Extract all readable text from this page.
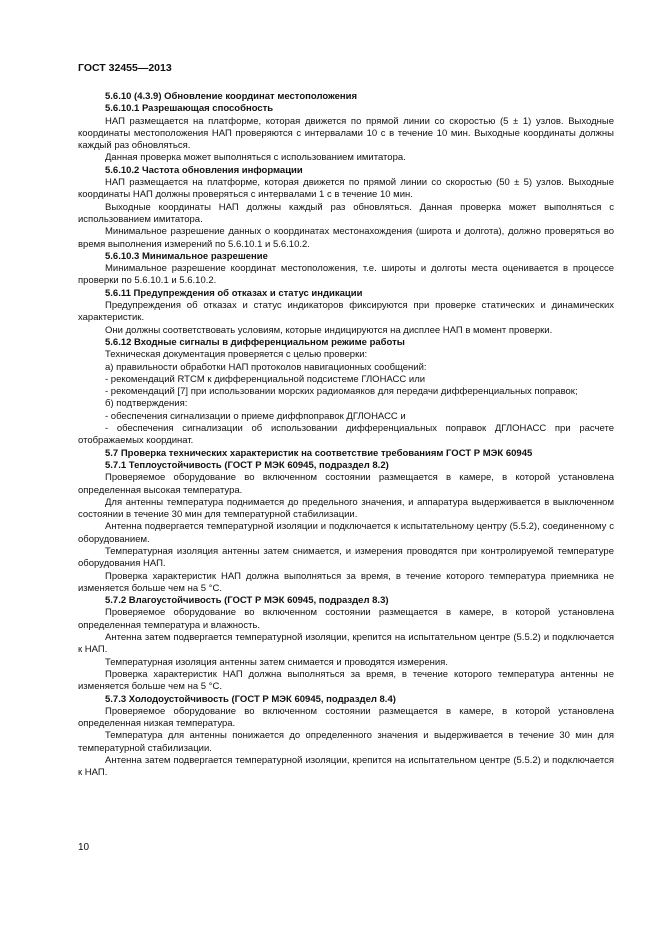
ГОСТ 32455—2013

5.6.10 (4.3.9) Обновление координат местоположения

5.6.10.1 Разрешающая способность

НАП размещается на платформе, которая движется по прямой линии со скоростью (5 ± 1) узлов. Выходные координаты местоположения НАП проверяются с интервалами 10 с в течение 10 мин. Выходные координаты должны каждый раз обновляться.

Данная проверка может выполняться с использованием имитатора.

5.6.10.2 Частота обновления информации

НАП размещается на платформе, которая движется по прямой линии со скоростью (50 ± 5) узлов. Выходные координаты НАП должны проверяться с интервалами 1 с в течение 10 мин.

Выходные координаты НАП должны каждый раз обновляться. Данная проверка может выполняться с использованием имитатора.

Минимальное разрешение данных о координатах местонахождения (широта и долгота), должно проверяться во время выполнения измерений по 5.6.10.1 и 5.6.10.2.

5.6.10.3 Минимальное разрешение

Минимальное разрешение координат местоположения, т.е. широты и долготы места оценивается в процессе проверки по 5.6.10.1 и 5.6.10.2.

5.6.11 Предупреждения об отказах и статус индикации

Предупреждения об отказах и статус индикаторов фиксируются при проверке статических и динамических характеристик.

Они должны соответствовать условиям, которые индицируются на дисплее НАП в момент проверки.

5.6.12 Входные сигналы в дифференциальном режиме работы

Техническая документация проверяется с целью проверки:

а) правильности обработки НАП протоколов навигационных сообщений:

- рекомендаций RTCM к дифференциальной подсистеме ГЛОНАСС или

- рекомендаций [7] при использовании морских радиомаяков для передачи дифференциальных поправок;

б) подтверждения:

- обеспечения сигнализации о приеме диффпоправок ДГЛОНАСС и

- обеспечения сигнализации об использовании дифференциальных поправок ДГЛОНАСС при расчете отображаемых координат.

5.7 Проверка технических характеристик на соответствие требованиям ГОСТ Р МЭК 60945

5.7.1 Теплоустойчивость (ГОСТ Р МЭК 60945, подраздел 8.2)

Проверяемое оборудование во включенном состоянии размещается в камере, в которой установлена определенная высокая температура.

Для антенны температура поднимается до предельного значения, и аппаратура выдерживается в выключенном состоянии в течение 30 мин для температурной стабилизации.

Антенна подвергается температурной изоляции и подключается к испытательному центру (5.5.2), соединенному с оборудованием.

Температурная изоляция антенны затем снимается, и измерения проводятся при контролируемой температуре оборудования НАП.

Проверка характеристик НАП должна выполняться за время, в течение которого температура приемника не изменяется больше чем на 5 °С.

5.7.2 Влагоустойчивость (ГОСТ Р МЭК 60945, подраздел 8.3)

Проверяемое оборудование во включенном состоянии размещается в камере, в которой установлена определенная температура и влажность.

Антенна затем подвергается температурной изоляции, крепится на испытательном центре (5.5.2) и подключается к НАП.

Температурная изоляция антенны затем снимается и проводятся измерения.

Проверка характеристик НАП должна выполняться за время, в течение которого температура антенны не изменяется больше чем на 5 °С.

5.7.3 Холодоустойчивость (ГОСТ Р МЭК 60945, подраздел 8.4)

Проверяемое оборудование во включенном состоянии размещается в камере, в которой установлена определенная низкая температура.

Температура для антенны понижается до определенного значения и выдерживается в течение 30 мин для температурной стабилизации.

Антенна затем подвергается температурной изоляции, крепится на испытательном центре (5.5.2) и подключается к НАП.

10
